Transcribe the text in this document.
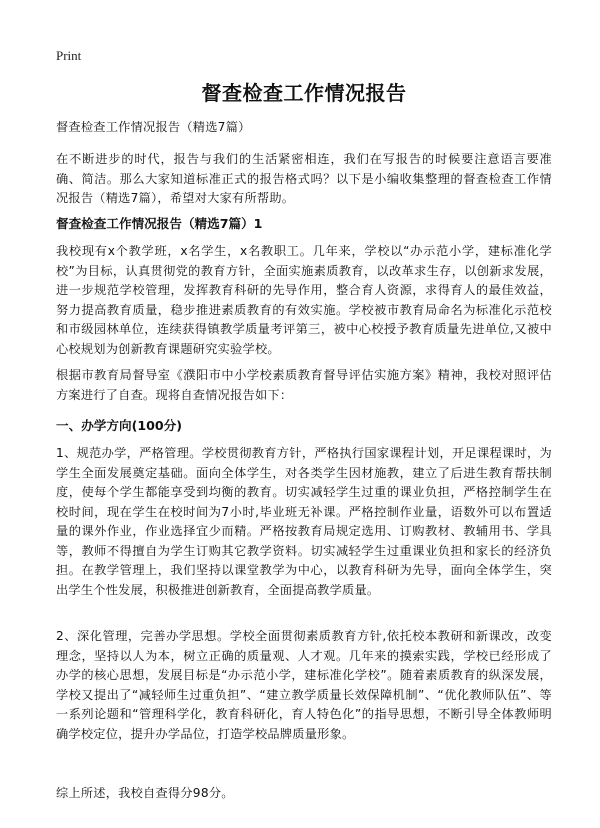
Print
督查检查工作情况报告

督查检查工作情况报告（精选7篇）

在不断进步的时代，报告与我们的生活紧密相连，我们在写报告的时候要注意语言要准确、简洁。那么大家知道标准正式的报告格式吗？以下是小编收集整理的督查检查工作情况报告（精选7篇），希望对大家有所帮助。

督查检查工作情况报告（精选7篇）1

我校现有x个教学班，x名学生，x名教职工。几年来，学校以“办示范小学，建标准化学校”为目标，认真贯彻党的教育方针，全面实施素质教育，以改革求生存，以创新求发展，进一步规范学校管理，发挥教育科研的先导作用，整合育人资源，求得育人的最佳效益，努力提高教育质量，稳步推进素质教育的有效实施。学校被市教育局命名为标准化示范校和市级园林单位，连续获得镇教学质量考评第三，被中心校授予教育质量先进单位,又被中心校规划为创新教育课题研究实验学校。

根据市教育局督导室《濮阳市中小学校素质教育督导评估实施方案》精神，我校对照评估方案进行了自查。现将自查情况报告如下：

一、办学方向(100分)

1、规范办学，严格管理。学校贯彻教育方针，严格执行国家课程计划，开足课程课时，为学生全面发展奠定基础。面向全体学生，对各类学生因材施教，建立了后进生教育帮扶制度，使每个学生都能享受到均衡的教育。切实减轻学生过重的课业负担，严格控制学生在校时间，现在学生在校时间为7小时,毕业班无补课。严格控制作业量，语数外可以布置适量的课外作业，作业选择宜少而精。严格按教育局规定选用、订购教材、教辅用书、学具等，教师不得擅自为学生订购其它教学资料。切实减轻学生过重课业负担和家长的经济负担。在教学管理上，我们坚持以课堂教学为中心，以教育科研为先导，面向全体学生，突出学生个性发展，积极推进创新教育，全面提高教学质量。

2、深化管理，完善办学思想。学校全面贯彻素质教育方针,依托校本教研和新课改，改变理念，坚持以人为本，树立正确的质量观、人才观。几年来的摸索实践，学校已经形成了办学的核心思想，发展目标是“办示范小学，建标准化学校”。随着素质教育的纵深发展，学校又提出了“减轻师生过重负担”、“建立教学质量长效保障机制”、“优化教师队伍”、等一系列论题和“管理科学化，教育科研化，育人特色化”的指导思想，不断引导全体教师明确学校定位，提升办学品位，打造学校品牌质量形象。

综上所述，我校自查得分98分。
